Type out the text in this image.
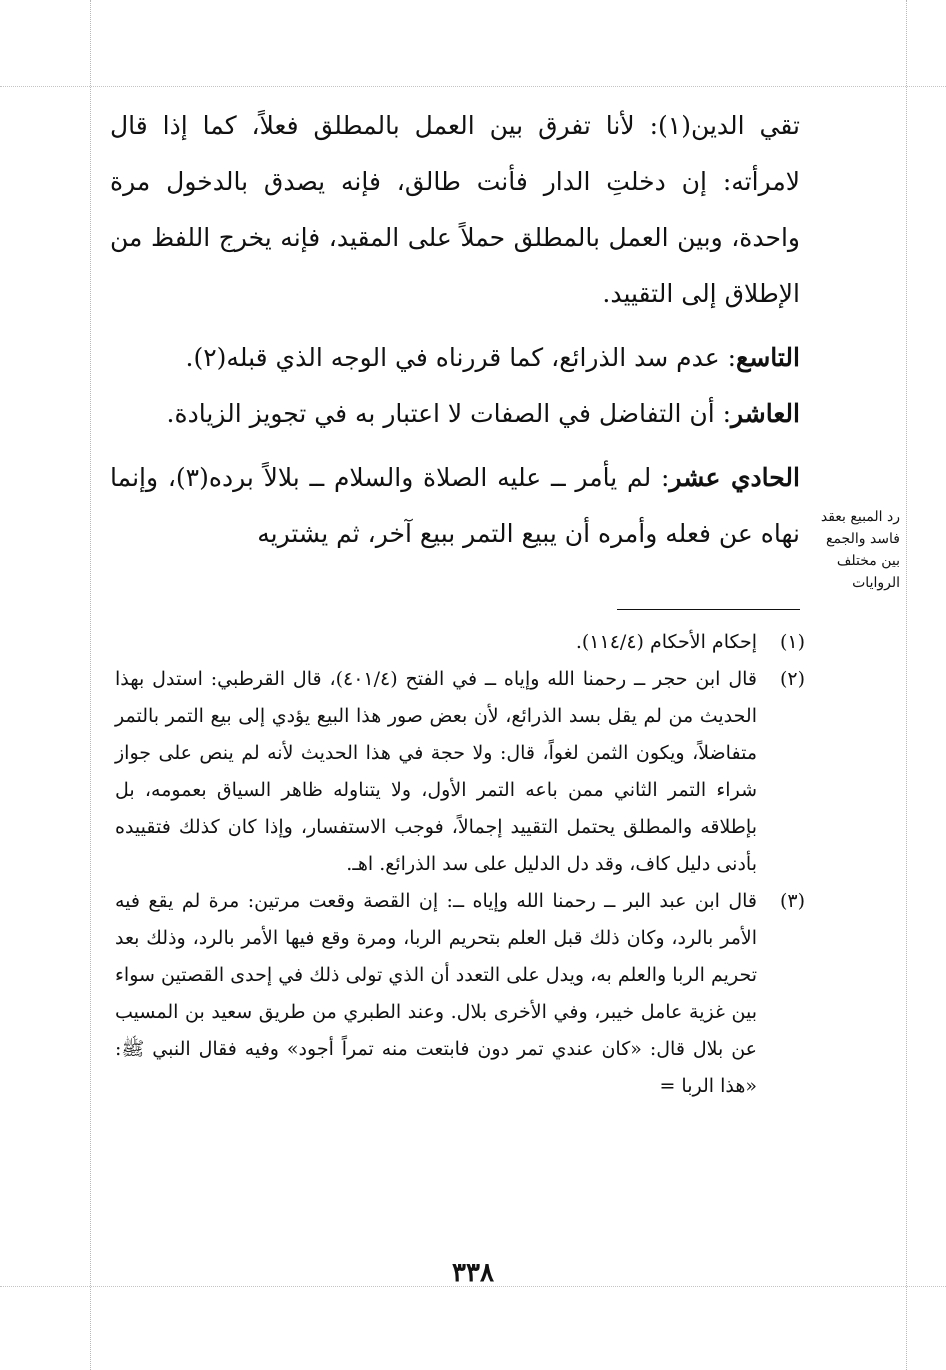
تقي الدين(١): لأنا تفرق بين العمل بالمطلق فعلاً، كما إذا قال لامرأته: إن دخلتِ الدار فأنت طالق، فإنه يصدق بالدخول مرة واحدة، وبين العمل بالمطلق حملاً على المقيد، فإنه يخرج اللفظ من الإطلاق إلى التقييد.

التاسع: عدم سد الذرائع، كما قررناه في الوجه الذي قبله(٢).

العاشر: أن التفاضل في الصفات لا اعتبار به في تجويز الزيادة.

الحادي عشر: لم يأمر ــ عليه الصلاة والسلام ــ بلالاً برده(٣)، وإنما نهاه عن فعله وأمره أن يبيع التمر ببيع آخر، ثم يشتريه

رد المبيع بعقد فاسد والجمع بين مختلف الروايات
(١)

إحكام الأحكام (١١٤/٤).

(٢)

قال ابن حجر ــ رحمنا الله وإياه ــ في الفتح (٤٠١/٤)، قال القرطبي: استدل بهذا الحديث من لم يقل بسد الذرائع، لأن بعض صور هذا البيع يؤدي إلى بيع التمر بالتمر متفاضلاً، ويكون الثمن لغواً، قال: ولا حجة في هذا الحديث لأنه لم ينص على جواز شراء التمر الثاني ممن باعه التمر الأول، ولا يتناوله ظاهر السياق بعمومه، بل بإطلاقه والمطلق يحتمل التقييد إجمالاً، فوجب الاستفسار، وإذا كان كذلك فتقييده بأدنى دليل كاف، وقد دل الدليل على سد الذرائع. اهـ.

(٣)

قال ابن عبد البر ــ رحمنا الله وإياه ــ: إن القصة وقعت مرتين: مرة لم يقع فيه الأمر بالرد، وكان ذلك قبل العلم بتحريم الربا، ومرة وقع فيها الأمر بالرد، وذلك بعد تحريم الربا والعلم به، ويدل على التعدد أن الذي تولى ذلك في إحدى القصتين سواء بين غزية عامل خيبر، وفي الأخرى بلال. وعند الطبري من طريق سعيد بن المسيب عن بلال قال: «كان عندي تمر دون فابتعت منه تمراً أجود» وفيه فقال النبي ﷺ: «هذا الربا =

٣٣٨
